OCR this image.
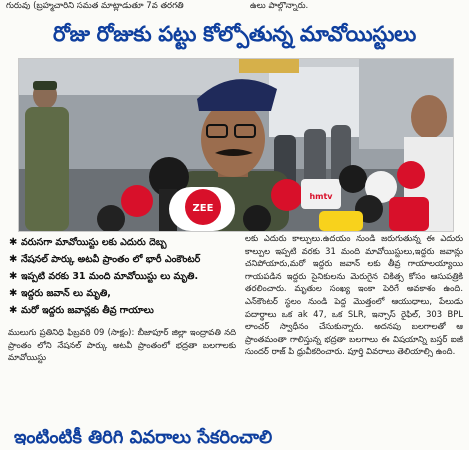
గురువు (బ్రహ్మచారిని సమత మాట్లాడుతూ 7వ తరగతి	ఉలు పాల్గొన్నారు.
రోజు రోజుకు పట్టు కోల్పోతున్న మావోయిస్టులు
ZEE
hmtv
✱ వరుసగా మావోయిస్టు లకు ఎదురు దెబ్బ
✱ నేషనల్ పార్కు అటవీ ప్రాంతం లో భారీ ఎంకౌంటర్
✱ ఇప్పటి వరకు 31 మంది మావోయిస్టు లు మృతి.
✱ ఇద్దరు జవాన్ లు మృతి,
✱ మరో ఇద్దరు జవాన్లకు తీవ్ర గాయాలు
ములుగు ప్రతినిధి ఫిబ్రవరి 09 (సాక్షం): బీజాపూర్ జిల్లా ఇంద్రావతి నది ప్రాంతం లోని నేషనల్ పార్కు అటవీ ప్రాంతంలో భద్రతా బలగాలకు మావోయిస్టు
లకు ఎదురు కాల్పులు.ఉదయం నుండి జరుగుతున్న ఈ ఎదురు కాల్పుల ఇప్పటి వరకు 31 మంది మావోయిస్టులు,ఇద్దరు జవాన్లు చనిపోయారు,మరో ఇద్దరు జవాన్ లకు తీవ్ర గాయాలయ్యాయి గాయపడిన ఇద్దరు సైనికులను మెరుగైన చికిత్స కోసం ఆసుపత్రికి తరలించారు. మృతుల సంఖ్య ఇంకా పెరిగే అవకాశం ఉంది. ఎన్‌కౌంటర్ స్థలం నుండి పెద్ద మొత్తంలో ఆయుధాలు, పేలుడు పదార్థాలు ఒక ak 47, ఒక SLR, ఇన్సాస్ రైఫిల్, 303 BPL లాంచర్ స్వాధీనం చేసుకున్నారు. అదనపు బలగాలతో ఆ ప్రాంతమంతా గాలిస్తున్న భద్రతా బలగాలు ఈ విషయాన్ని బస్తర్ ఐజీ సుందర్ రాజ్ పి ధ్రువీకరించారు. పూర్తి వివరాలు తెలియాల్సి ఉంది.
ఇంటింటికీ తిరిగి వివరాలు సేకరించాలి
